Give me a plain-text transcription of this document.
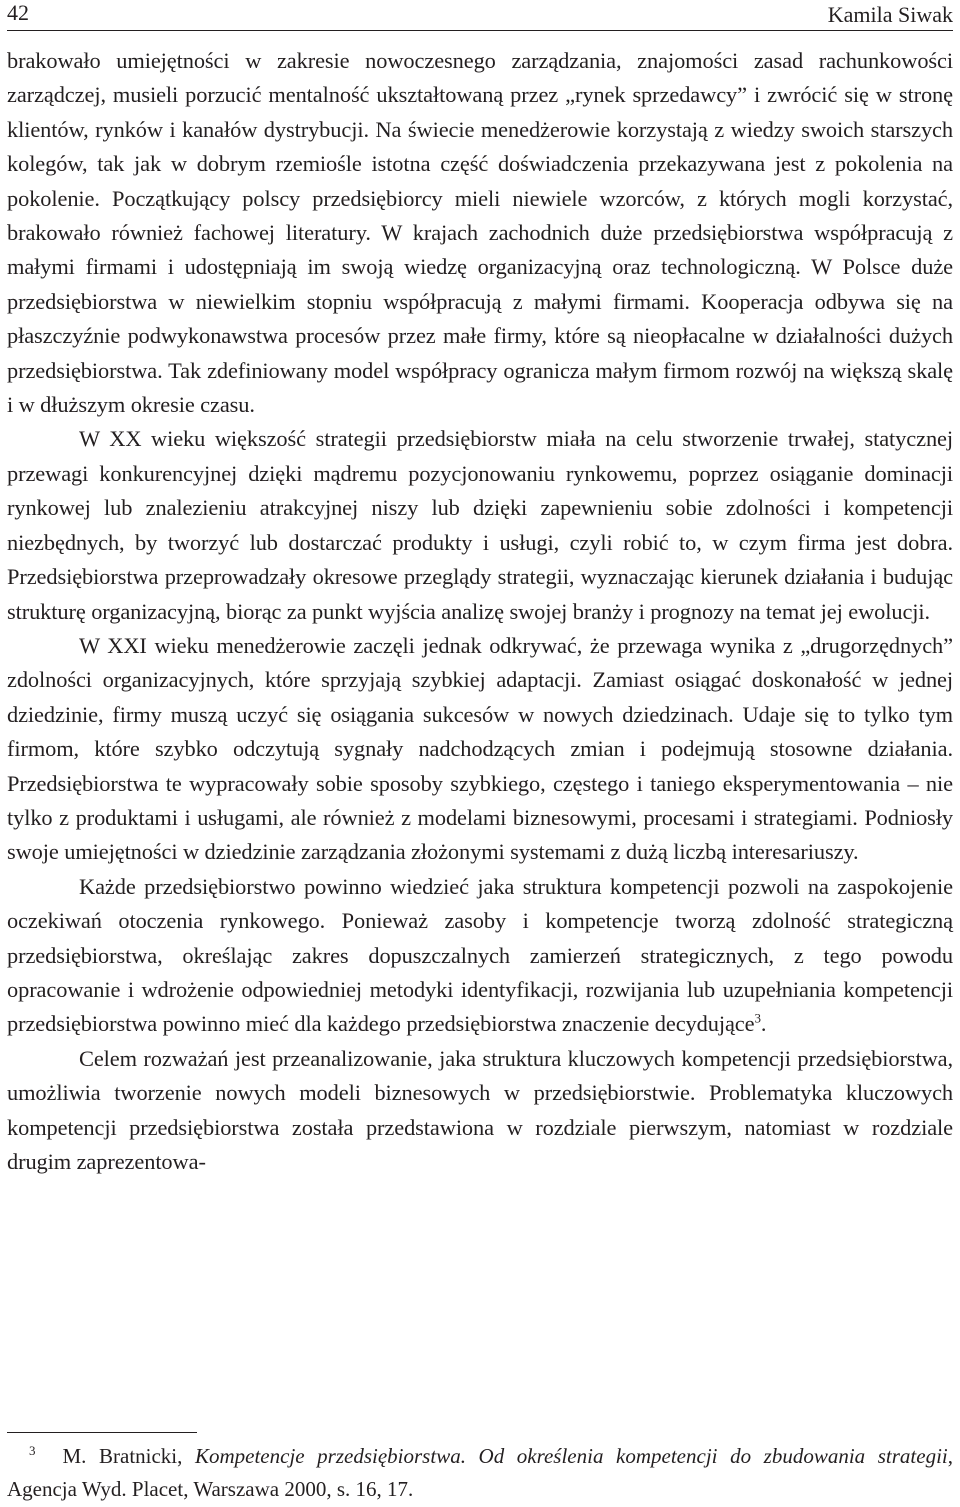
42	Kamila Siwak

brakowało umiejętności w zakresie nowoczesnego zarządzania, znajomości zasad rachunkowości zarządczej, musieli porzucić mentalność ukształtowaną przez „rynek sprzedawcy” i zwrócić się w stronę klientów, rynków i kanałów dystrybucji. Na świecie menedżerowie korzystają z wiedzy swoich starszych kolegów, tak jak w dobrym rzemiośle istotna część doświadczenia przekazywana jest z pokolenia na pokolenie. Początkujący polscy przedsiębiorcy mieli niewiele wzorców, z których mogli korzystać, brakowało również fachowej literatury. W krajach zachodnich duże przedsiębiorstwa współpracują z małymi firmami i udostępniają im swoją wiedzę organizacyjną oraz technologiczną. W Polsce duże przedsiębiorstwa w niewielkim stopniu współpracują z małymi firmami. Kooperacja odbywa się na płaszczyźnie podwykonawstwa procesów przez małe firmy, które są nieopłacalne w działalności dużych przedsiębiorstwa. Tak zdefiniowany model współpracy ogranicza małym firmom rozwój na większą skalę i w dłuższym okresie czasu.

W XX wieku większość strategii przedsiębiorstw miała na celu stworzenie trwałej, statycznej przewagi konkurencyjnej dzięki mądremu pozycjonowaniu rynkowemu, poprzez osiąganie dominacji rynkowej lub znalezieniu atrakcyjnej niszy lub dzięki zapewnieniu sobie zdolności i kompetencji niezbędnych, by tworzyć lub dostarczać produkty i usługi, czyli robić to, w czym firma jest dobra. Przedsiębiorstwa przeprowadzały okresowe przeglądy strategii, wyznaczając kierunek działania i budując strukturę organizacyjną, biorąc za punkt wyjścia analizę swojej branży i prognozy na temat jej ewolucji.

W XXI wieku menedżerowie zaczęli jednak odkrywać, że przewaga wynika z „drugorzędnych” zdolności organizacyjnych, które sprzyjają szybkiej adaptacji. Zamiast osiągać doskonałość w jednej dziedzinie, firmy muszą uczyć się osiągania sukcesów w nowych dziedzinach. Udaje się to tylko tym firmom, które szybko odczytują sygnały nadchodzących zmian i podejmują stosowne działania. Przedsiębiorstwa te wypracowały sobie sposoby szybkiego, częstego i taniego eksperymentowania – nie tylko z produktami i usługami, ale również z modelami biznesowymi, procesami i strategiami. Podniosły swoje umiejętności w dziedzinie zarządzania złożonymi systemami z dużą liczbą interesariuszy.

Każde przedsiębiorstwo powinno wiedzieć jaka struktura kompetencji pozwoli na zaspokojenie oczekiwań otoczenia rynkowego. Ponieważ zasoby i kompetencje tworzą zdolność strategiczną przedsiębiorstwa, określając zakres dopuszczalnych zamierzeń strategicznych, z tego powodu opracowanie i wdrożenie odpowiedniej metodyki identyfikacji, rozwijania lub uzupełniania kompetencji przedsiębiorstwa powinno mieć dla każdego przedsiębiorstwa znaczenie decydujące$^3$.

Celem rozważań jest przeanalizowanie, jaka struktura kluczowych kompetencji przedsiębiorstwa, umożliwia tworzenie nowych modeli biznesowych w przedsiębiorstwie. Problematyka kluczowych kompetencji przedsiębiorstwa została przedstawiona w rozdziale pierwszym, natomiast w rozdziale drugim zaprezentowa-

$^3$ M. Bratnicki, Kompetencje przedsiębiorstwa. Od określenia kompetencji do zbudowania strategii, Agencja Wyd. Placet, Warszawa 2000, s. 16, 17.
